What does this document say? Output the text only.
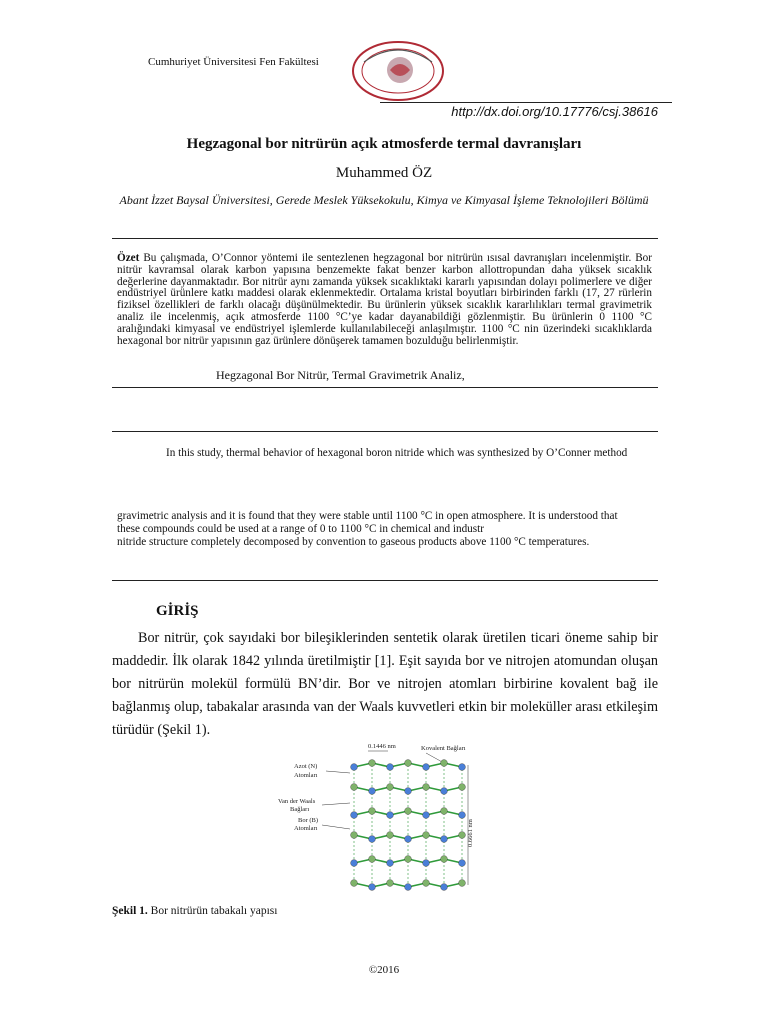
Cumhuriyet Üniversitesi Fen Fakültesi
http://dx.doi.org/10.17776/csj.38616
Hegzagonal bor nitrürün açık atmosferde termal davranışları
Muhammed ÖZ
Abant İzzet Baysal Üniversitesi, Gerede Meslek Yüksekokulu, Kimya ve Kimyasal İşleme Teknolojileri Bölümü
Özet Bu çalışmada, O’Connor yöntemi ile sentezlenen hegzagonal bor nitrürün ısısal davranışları incelenmiştir. Bor nitrür kavramsal olarak karbon yapısına benzemekte fakat benzer karbon allottropundan daha yüksek sıcaklık değerlerine dayanmaktadır. Bor nitrür aynı zamanda yüksek sıcaklıktaki kararlı yapısından dolayı polimerlere ve diğer endüstriyel ürünlere katkı maddesi olarak eklenmektedir. Ortalama kristal boyutları birbirinden farklı (17, 27 rürlerin fiziksel özellikleri de farklı olacağı düşünülmektedir. Bu ürünlerin yüksek sıcaklık kararlılıkları termal gravimetrik analiz ile incelenmiş, açık atmosferde 1100 °C’ye kadar dayanabildiği gözlenmiştir. Bu ürünlerin 0 1100 °C aralığındaki kimyasal ve endüstriyel işlemlerde kullanılabileceği anlaşılmıştır. 1100 °C nin üzerindeki sıcaklıklarda hexagonal bor nitrür yapısının gaz ürünlere dönüşerek tamamen bozulduğu belirlenmiştir.
Hegzagonal Bor Nitrür, Termal Gravimetrik Analiz,
In this study, thermal behavior of hexagonal boron nitride which was synthesized by O’Conner method
gravimetric analysis and it is found that they were stable until 1100 °C in open atmosphere. It is understood that
these compounds could be used at a range of 0 to 1100 °C in chemical and industr
nitride structure completely decomposed by convention to gaseous products above 1100 °C temperatures.
GİRİŞ
Bor nitrür, çok sayıdaki bor bileşiklerinden sentetik olarak üretilen ticari öneme sahip bir maddedir. İlk olarak 1842 yılında üretilmiştir [1]. Eşit sayıda bor ve nitrojen atomundan oluşan bor nitrürün molekül formülü BN’dir. Bor ve nitrojen atomları birbirine kovalent bağ ile bağlanmış olup, tabakalar arasında van der Waals kuvvetleri etkin bir moleküller arası etkileşim türüdür (Şekil 1).
0.1446 nm	Kovalent Bağları
Azot (N)
Atomları
Van der Waals
Bağları
Bor (B)
Atomları	0.6661 nm
Şekil 1. Bor nitrürün tabakalı yapısı
©2016
